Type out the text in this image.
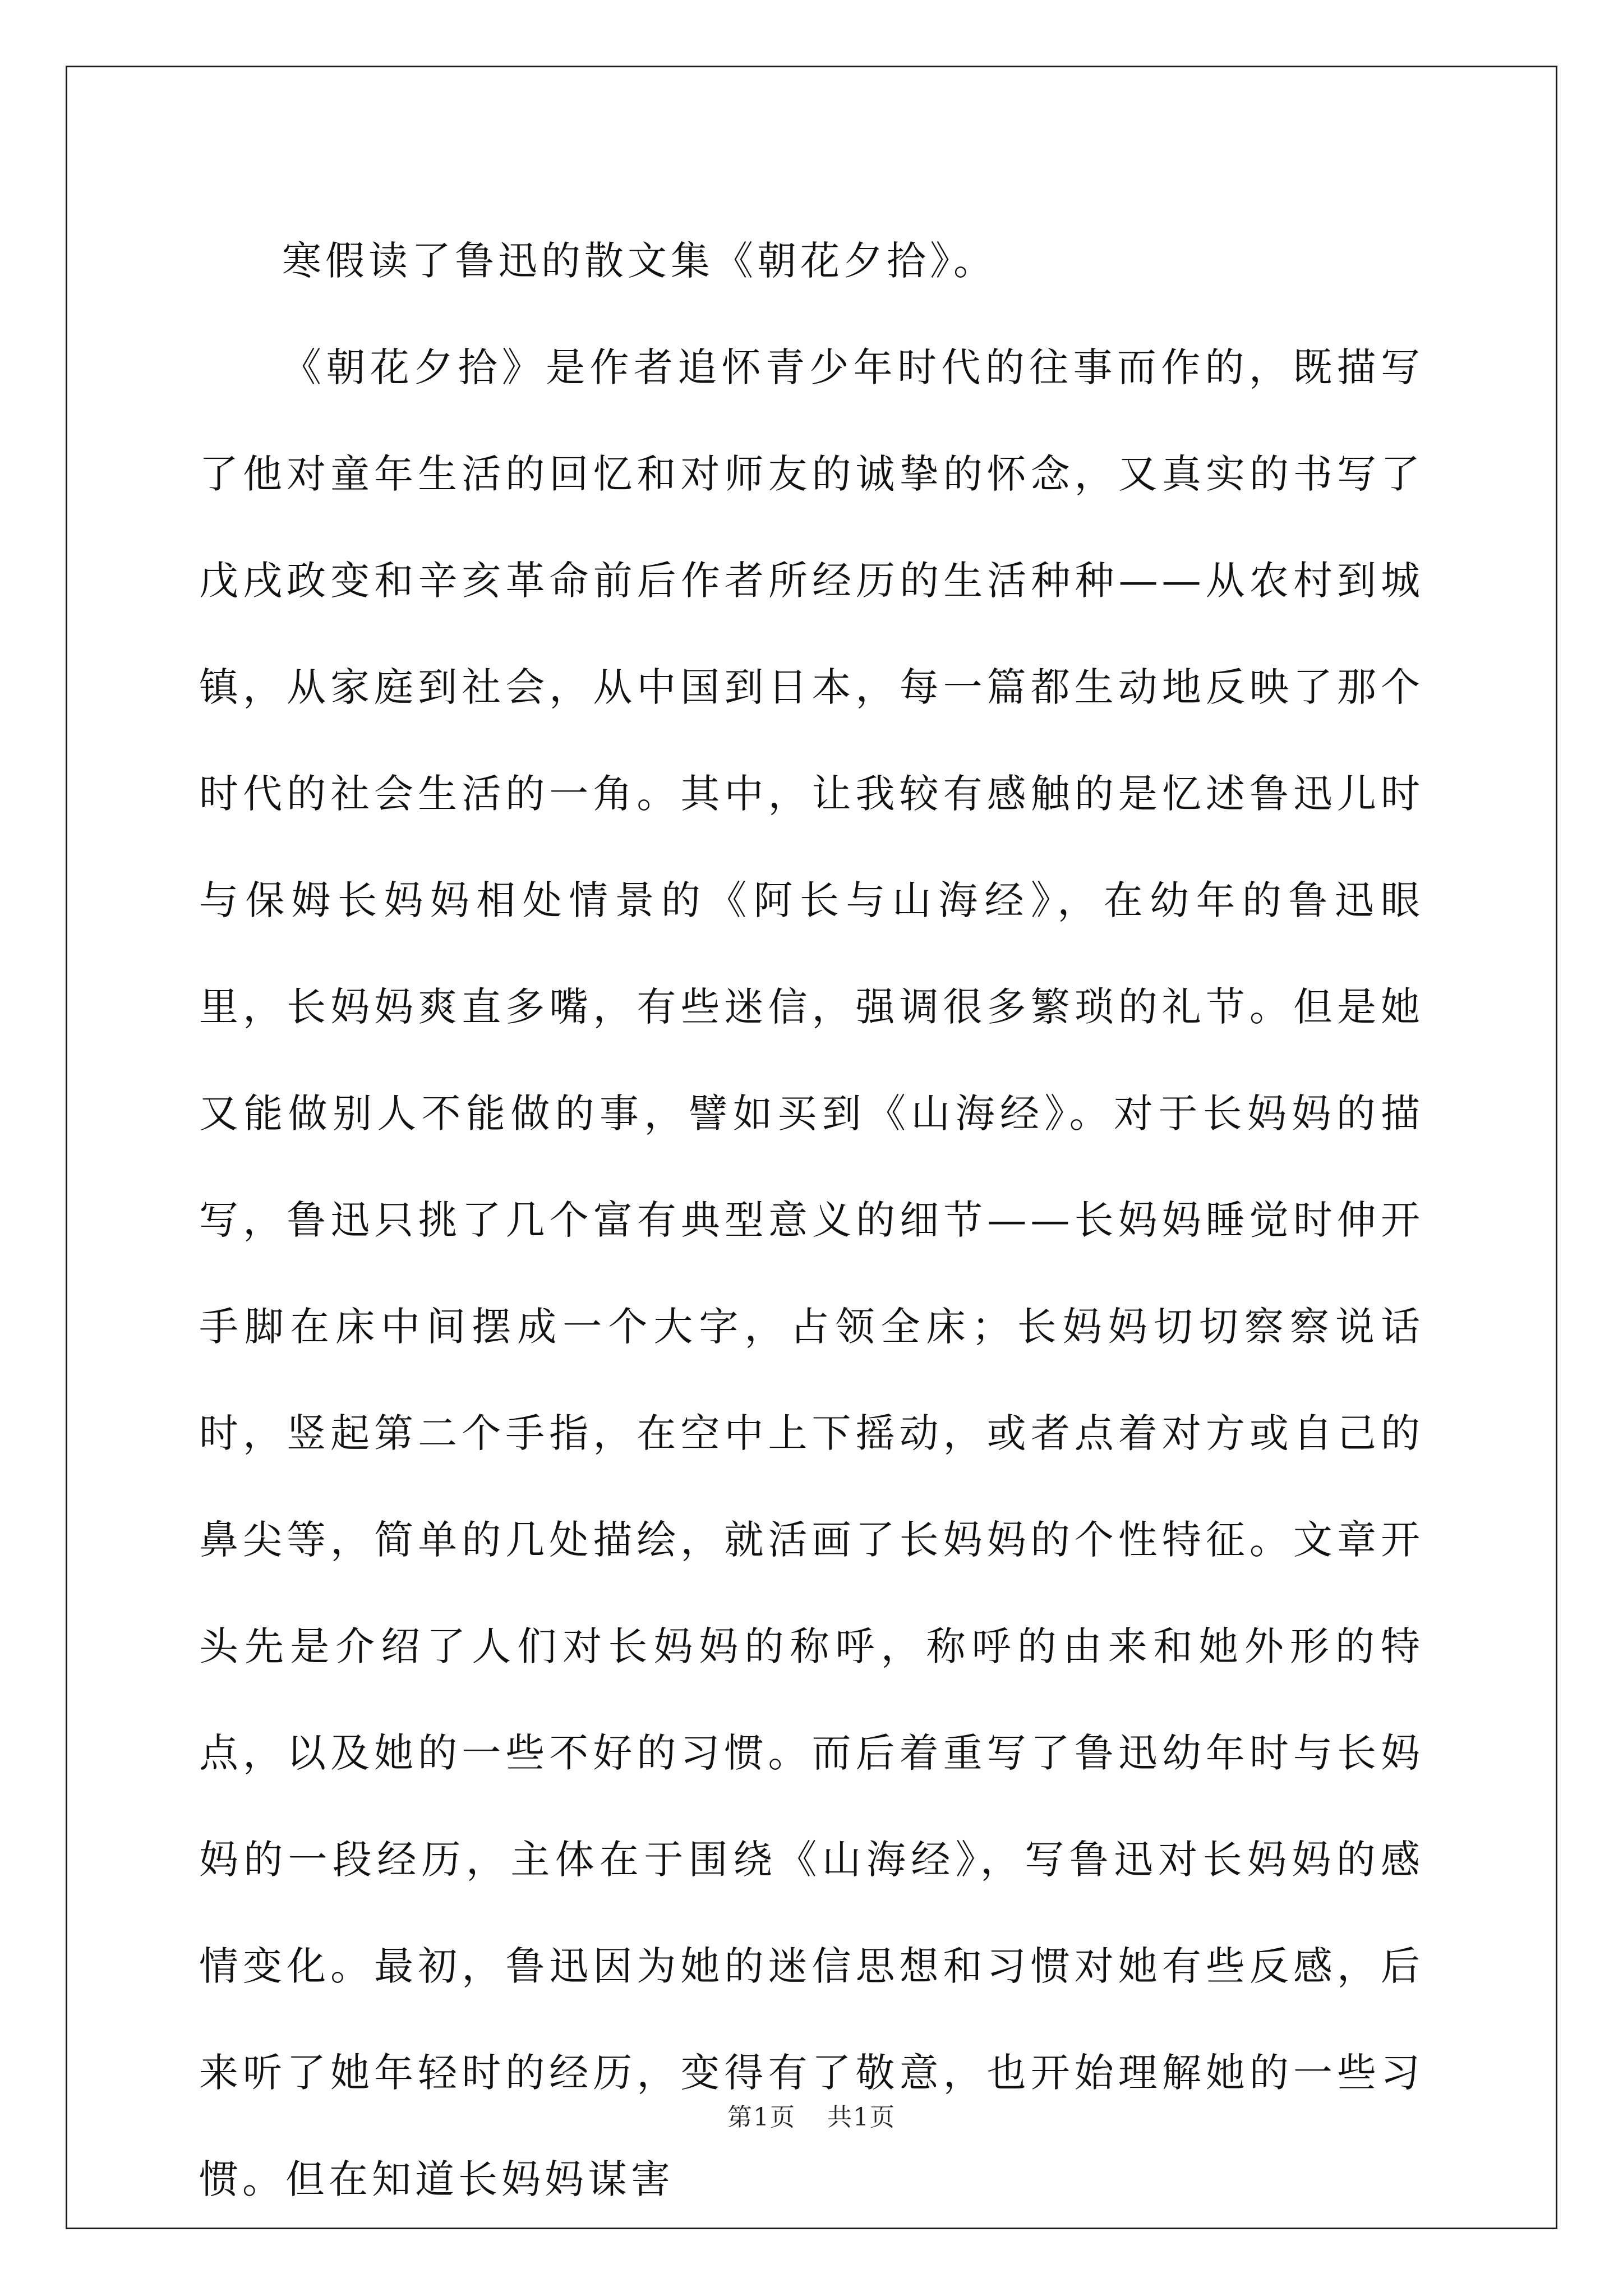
寒假读了鲁迅的散文集《朝花夕拾》。

《朝花夕拾》是作者追怀青少年时代的往事而作的，既描写了他对童年生活的回忆和对师友的诚挚的怀念，又真实的书写了戊戌政变和辛亥革命前后作者所经历的生活种种——从农村到城镇，从家庭到社会，从中国到日本，每一篇都生动地反映了那个时代的社会生活的一角。其中，让我较有感触的是忆述鲁迅儿时与保姆长妈妈相处情景的《阿长与山海经》，在幼年的鲁迅眼里，长妈妈爽直多嘴，有些迷信，强调很多繁琐的礼节。但是她又能做别人不能做的事，譬如买到《山海经》。对于长妈妈的描写，鲁迅只挑了几个富有典型意义的细节——长妈妈睡觉时伸开手脚在床中间摆成一个大字，占领全床；长妈妈切切察察说话时，竖起第二个手指，在空中上下摇动，或者点着对方或自己的鼻尖等，简单的几处描绘，就活画了长妈妈的个性特征。文章开头先是介绍了人们对长妈妈的称呼，称呼的由来和她外形的特点，以及她的一些不好的习惯。而后着重写了鲁迅幼年时与长妈妈的一段经历，主体在于围绕《山海经》，写鲁迅对长妈妈的感情变化。最初，鲁迅因为她的迷信思想和习惯对她有些反感，后来听了她年轻时的经历，变得有了敬意，也开始理解她的一些习惯。但在知道长妈妈谋害

第1页 共1页
